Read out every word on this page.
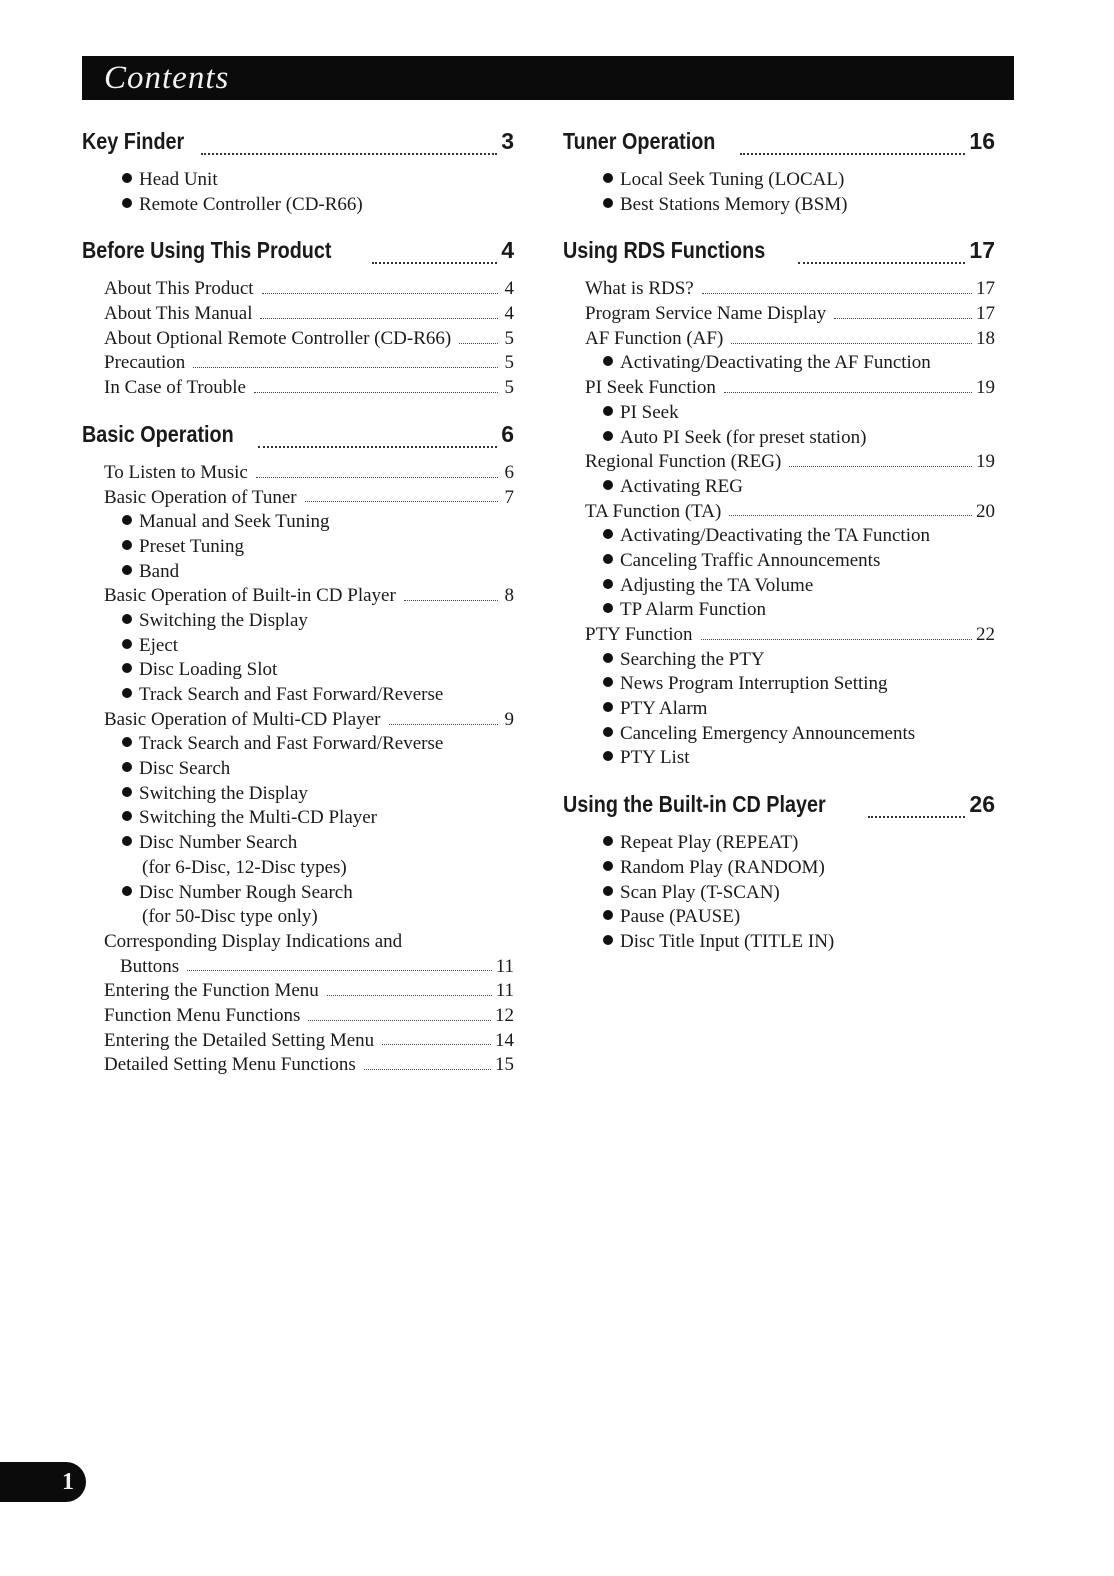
Contents
Key Finder	3
Head Unit
Remote Controller (CD-R66)
Before Using This Product	4
About This Product	4
About This Manual	4
About Optional Remote Controller (CD-R66)	5
Precaution	5
In Case of Trouble	5
Basic Operation	6
To Listen to Music	6
Basic Operation of Tuner	7
Manual and Seek Tuning
Preset Tuning
Band
Basic Operation of Built-in CD Player	8
Switching the Display
Eject
Disc Loading Slot
Track Search and Fast Forward/Reverse
Basic Operation of Multi-CD Player	9
Track Search and Fast Forward/Reverse
Disc Search
Switching the Display
Switching the Multi-CD Player
Disc Number Search
(for 6-Disc, 12-Disc types)
Disc Number Rough Search
(for 50-Disc type only)
Corresponding Display Indications and
Buttons	11
Entering the Function Menu	11
Function Menu Functions	12
Entering the Detailed Setting Menu	14
Detailed Setting Menu Functions	15
Tuner Operation	16
Local Seek Tuning (LOCAL)
Best Stations Memory (BSM)
Using RDS Functions	17
What is RDS?	17
Program Service Name Display	17
AF Function (AF)	18
Activating/Deactivating the AF Function
PI Seek Function	19
PI Seek
Auto PI Seek (for preset station)
Regional Function (REG)	19
Activating REG
TA Function (TA)	20
Activating/Deactivating the TA Function
Canceling Traffic Announcements
Adjusting the TA Volume
TP Alarm Function
PTY Function	22
Searching the PTY
News Program Interruption Setting
PTY Alarm
Canceling Emergency Announcements
PTY List
Using the Built-in CD Player	26
Repeat Play (REPEAT)
Random Play (RANDOM)
Scan Play (T-SCAN)
Pause (PAUSE)
Disc Title Input (TITLE IN)
1
